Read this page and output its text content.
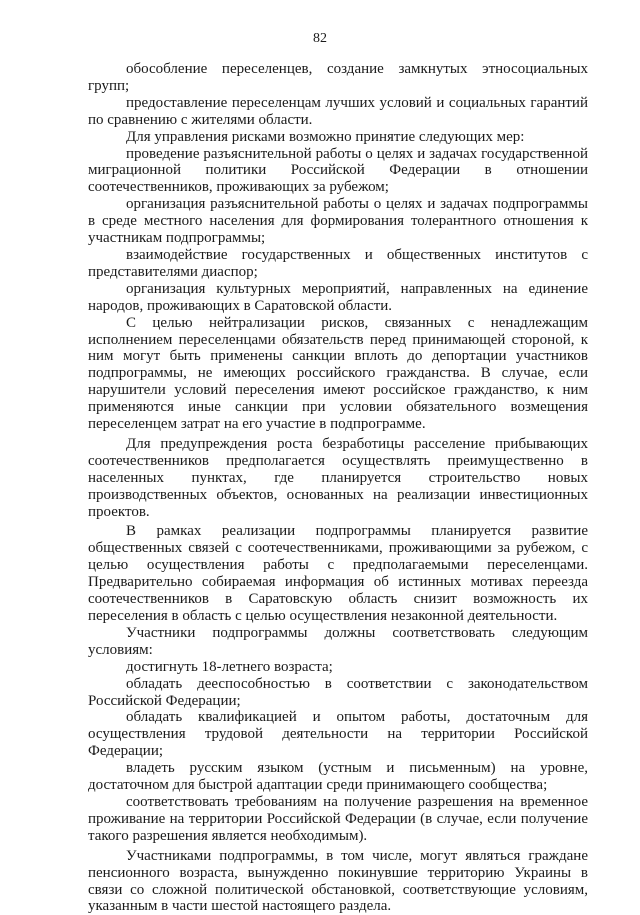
82

обособление переселенцев, создание замкнутых этносоциальных групп;

предоставление переселенцам лучших условий и социальных гарантий по сравнению с жителями области.

Для управления рисками возможно принятие следующих мер:

проведение разъяснительной работы о целях и задачах государственной миграционной политики Российской Федерации в отношении соотечественников, проживающих за рубежом;

организация разъяснительной работы о целях и задачах подпрограммы в среде местного населения для формирования толерантного отношения к участникам подпрограммы;

взаимодействие государственных и общественных институтов с представителями диаспор;

организация культурных мероприятий, направленных на единение народов, проживающих в Саратовской области.

С целью нейтрализации рисков, связанных с ненадлежащим исполнением переселенцами обязательств перед принимающей стороной, к ним могут быть применены санкции вплоть до депортации участников подпрограммы, не имеющих российского гражданства. В случае, если нарушители условий переселения имеют российское гражданство, к ним применяются иные санкции при условии обязательного возмещения переселенцем затрат на его участие в подпрограмме.

Для предупреждения роста безработицы расселение прибывающих соотечественников предполагается осуществлять преимущественно в населенных пунктах, где планируется строительство новых производственных объектов, основанных на реализации инвестиционных проектов.

В рамках реализации подпрограммы планируется развитие общественных связей с соотечественниками, проживающими за рубежом, с целью осуществления работы с предполагаемыми переселенцами. Предварительно собираемая информация об истинных мотивах переезда соотечественников в Саратовскую область снизит возможность их переселения в область с целью осуществления незаконной деятельности.

Участники подпрограммы должны соответствовать следующим условиям:

достигнуть 18-летнего возраста;

обладать дееспособностью в соответствии с законодательством Российской Федерации;

обладать квалификацией и опытом работы, достаточным для осуществления трудовой деятельности на территории Российской Федерации;

владеть русским языком (устным и письменным) на уровне, достаточном для быстрой адаптации среди принимающего сообщества;

соответствовать требованиям на получение разрешения на временное проживание на территории Российской Федерации (в случае, если получение такого разрешения является необходимым).

Участниками подпрограммы, в том числе, могут являться граждане пенсионного возраста, вынужденно покинувшие территорию Украины в связи со сложной политической обстановкой, соответствующие условиям, указанным в части шестой настоящего раздела.
